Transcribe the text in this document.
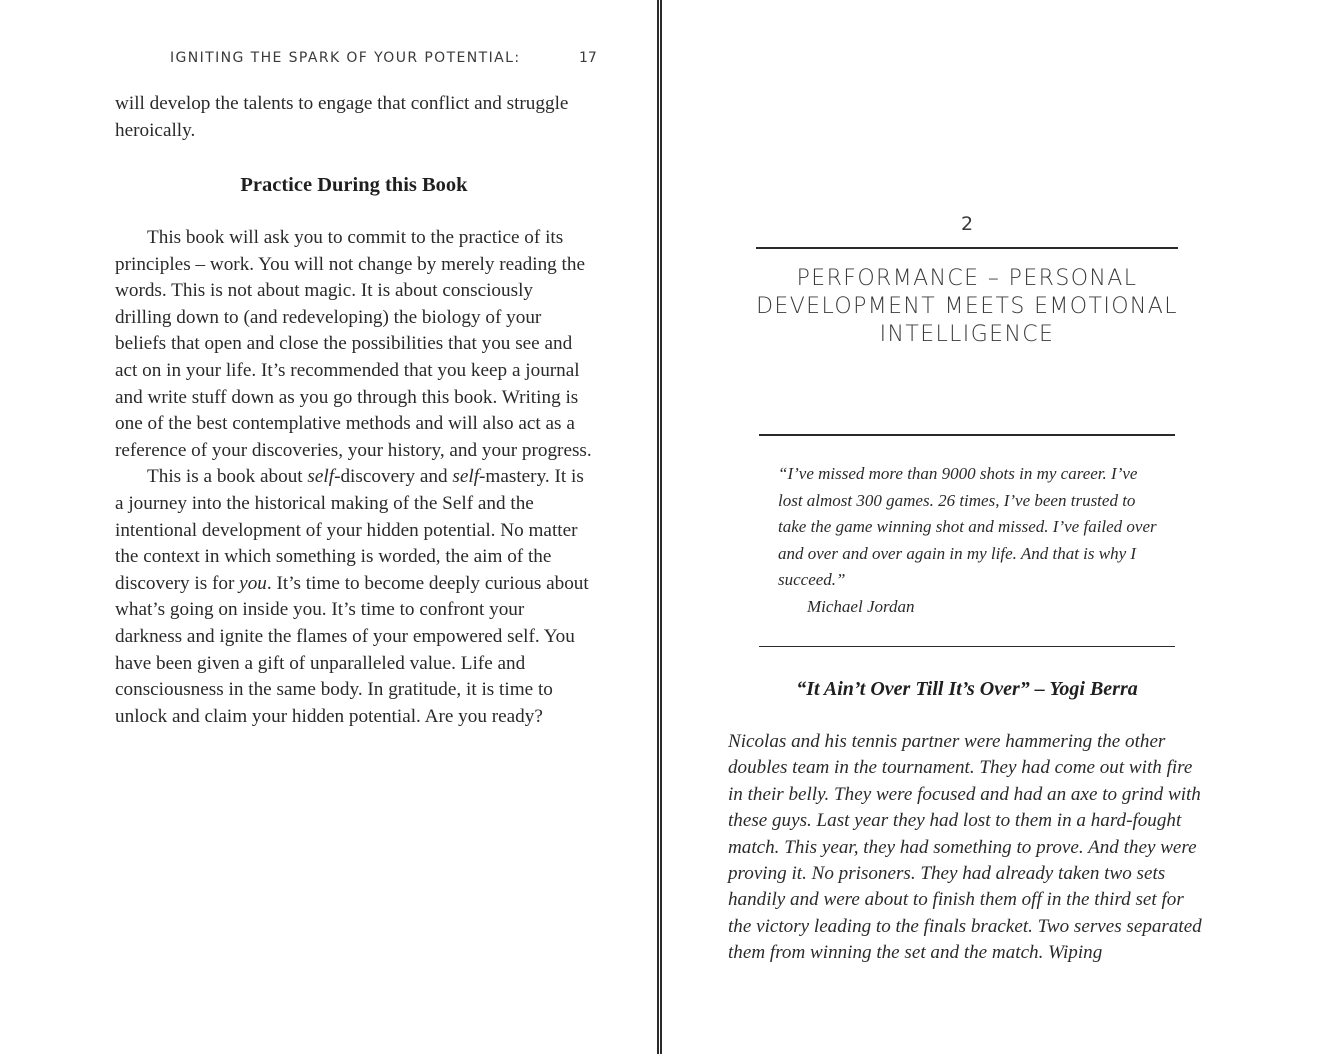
IGNITING THE SPARK OF YOUR POTENTIAL:	17

will develop the talents to engage that conflict and struggle heroically.

Practice During this Book

This book will ask you to commit to the practice of its principles – work. You will not change by merely reading the words. This is not about magic. It is about consciously drilling down to (and redeveloping) the biology of your beliefs that open and close the possibilities that you see and act on in your life. It’s recommended that you keep a journal and write stuff down as you go through this book. Writing is one of the best contemplative methods and will also act as a reference of your discoveries, your history, and your progress.

This is a book about self-discovery and self-mastery. It is a journey into the historical making of the Self and the intentional development of your hidden potential. No matter the context in which something is worded, the aim of the discovery is for you. It’s time to become deeply curious about what’s going on inside you. It’s time to confront your darkness and ignite the flames of your empowered self. You have been given a gift of unparalleled value. Life and consciousness in the same body. In gratitude, it is time to unlock and claim your hidden potential. Are you ready?

2
PERFORMANCE – PERSONAL DEVELOPMENT MEETS EMOTIONAL INTELLIGENCE
“I’ve missed more than 9000 shots in my career. I’ve lost almost 300 games. 26 times, I’ve been trusted to take the game winning shot and missed. I’ve failed over and over and over again in my life. And that is why I succeed.”
Michael Jordan
“It Ain’t Over Till It’s Over” – Yogi Berra
Nicolas and his tennis partner were hammering the other doubles team in the tournament. They had come out with fire in their belly. They were focused and had an axe to grind with these guys. Last year they had lost to them in a hard-fought match. This year, they had something to prove. And they were proving it. No prisoners. They had already taken two sets handily and were about to finish them off in the third set for the victory leading to the finals bracket. Two serves separated them from winning the set and the match. Wiping
